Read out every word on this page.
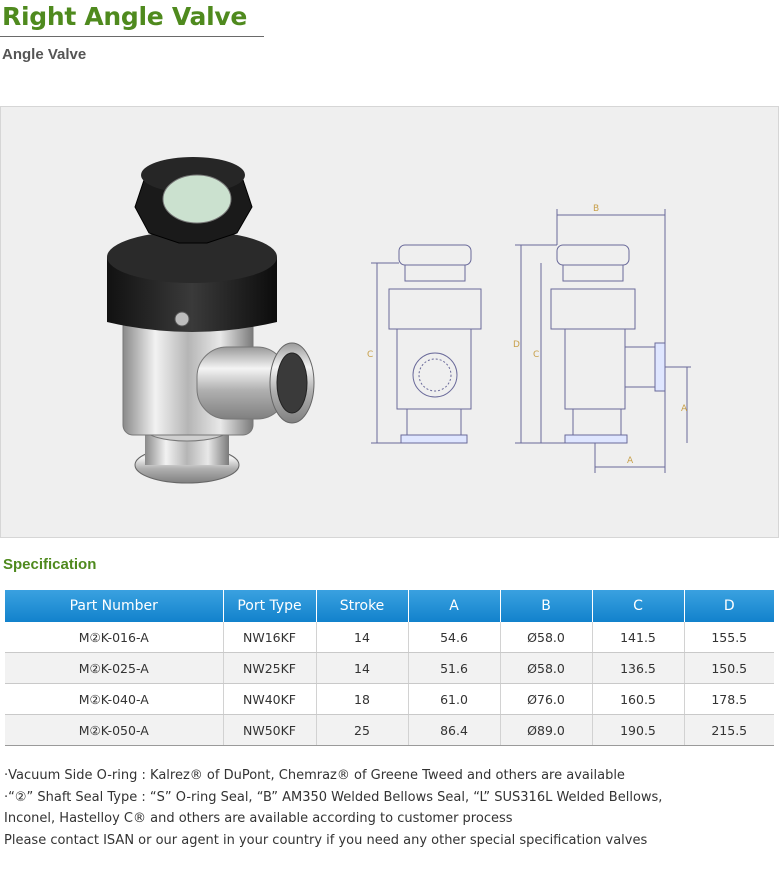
Right Angle Valve
Angle Valve
B
C
D
C
A
A
Specification
Part Number	Port Type	Stroke	A	B	C	D
M②K-016-A	NW16KF	14	54.6	Ø58.0	141.5	155.5
M②K-025-A	NW25KF	14	51.6	Ø58.0	136.5	150.5
M②K-040-A	NW40KF	18	61.0	Ø76.0	160.5	178.5
M②K-050-A	NW50KF	25	86.4	Ø89.0	190.5	215.5

·Vacuum Side O-ring : Kalrez® of DuPont, Chemraz® of Greene Tweed and others are available

·“②” Shaft Seal Type : “S” O-ring Seal, “B” AM350 Welded Bellows Seal, “L” SUS316L Welded Bellows,

Inconel, Hastelloy C® and others are available according to customer process

Please contact ISAN or our agent in your country if you need any other special specification valves
